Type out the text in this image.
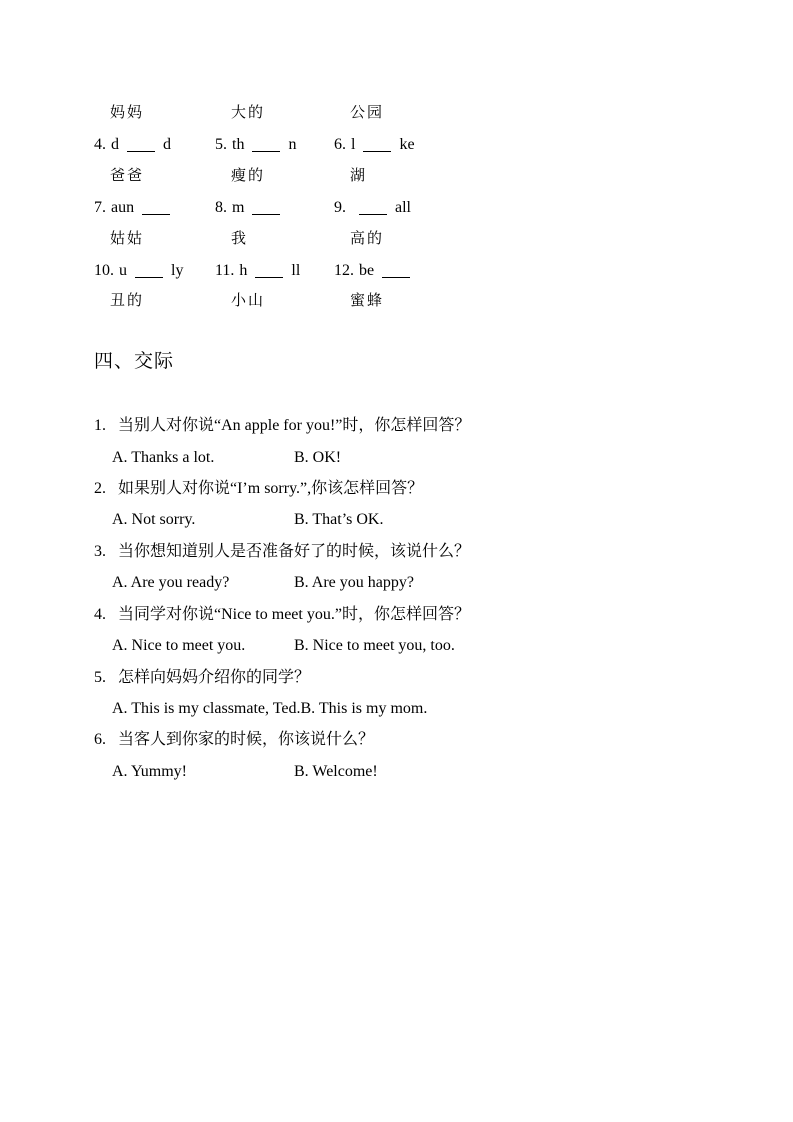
妈妈	大的	公园
4. d	d	5. th	n	6. l	ke
爸爸	瘦的	湖
7. aun	8. m	9.	all
姑姑	我	高的
10. u	ly	11. h	ll	12. be
丑的	小山	蜜蜂
四、交际
1. 当别人对你说“An apple for you!”时，你怎样回答？
A. Thanks a lot.	B. OK!
2. 如果别人对你说“I’m sorry.”,你该怎样回答？
A. Not sorry.	B. That’s OK.
3. 当你想知道别人是否准备好了的时候，该说什么？
A. Are you ready?	B. Are you happy?
4. 当同学对你说“Nice to meet you.”时，你怎样回答？
A. Nice to meet you.	B. Nice to meet you, too.
5. 怎样向妈妈介绍你的同学？
A. This is my classmate, Ted.B. This is my mom.
6. 当客人到你家的时候，你该说什么？
A. Yummy!	B. Welcome!
